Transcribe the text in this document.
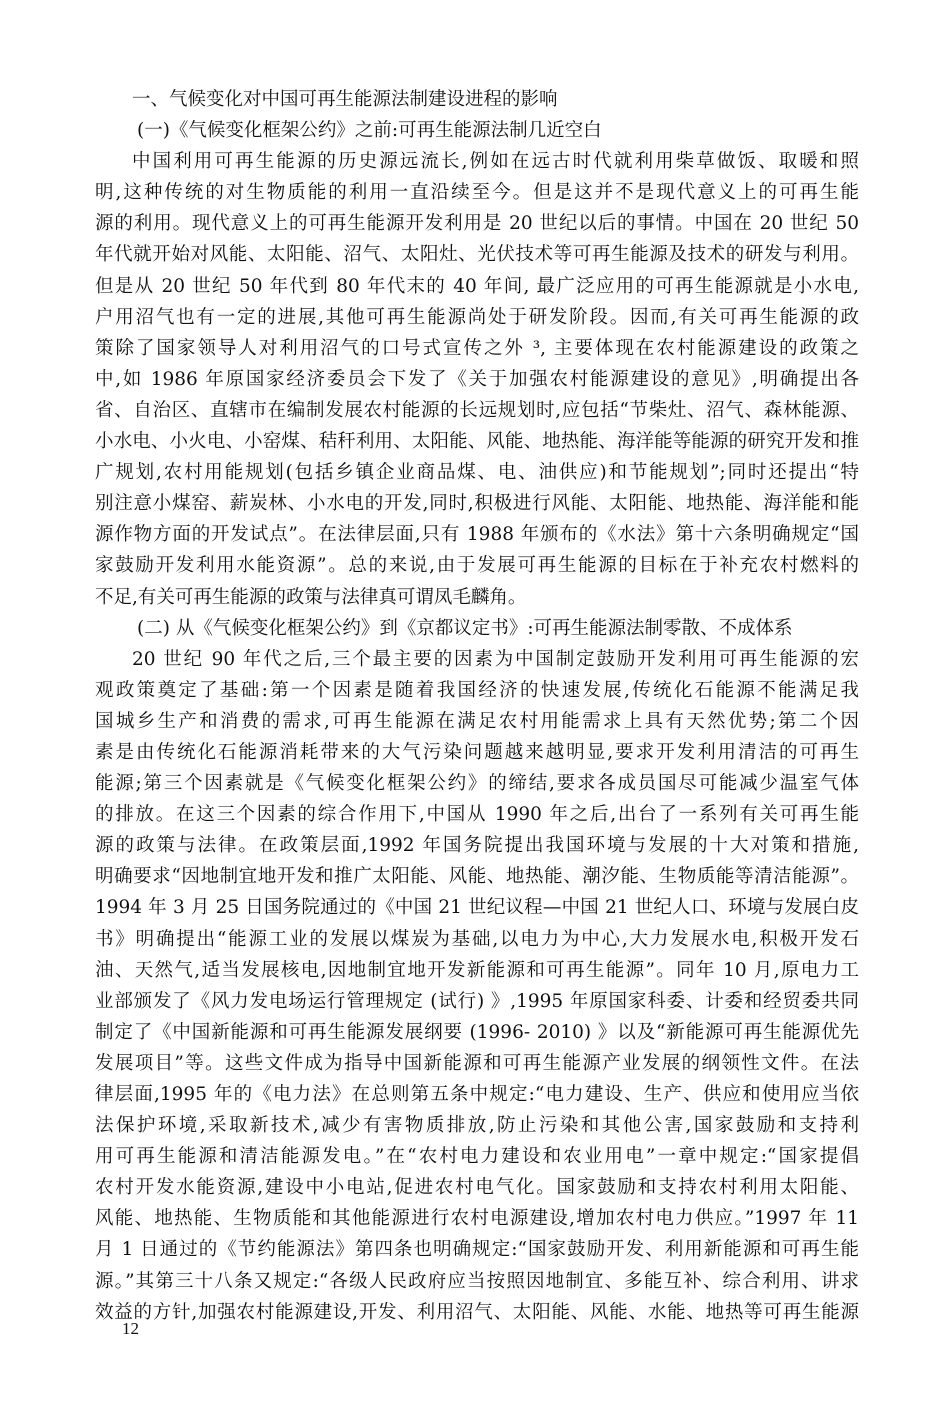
一、气候变化对中国可再生能源法制建设进程的影响
(一)《气候变化框架公约》之前:可再生能源法制几近空白
中国利用可再生能源的历史源远流长,例如在远古时代就利用柴草做饭、取暖和照
明,这种传统的对生物质能的利用一直沿续至今。但是这并不是现代意义上的可再生能
源的利用。现代意义上的可再生能源开发利用是 20 世纪以后的事情。中国在 20 世纪 50
年代就开始对风能、太阳能、沼气、太阳灶、光伏技术等可再生能源及技术的研发与利用。
但是从 20 世纪 50 年代到 80 年代末的 40 年间, 最广泛应用的可再生能源就是小水电,
户用沼气也有一定的进展,其他可再生能源尚处于研发阶段。因而,有关可再生能源的政
策除了国家领导人对利用沼气的口号式宣传之外 ³, 主要体现在农村能源建设的政策之
中,如 1986 年原国家经济委员会下发了《关于加强农村能源建设的意见》,明确提出各
省、自治区、直辖市在编制发展农村能源的长远规划时,应包括“节柴灶、沼气、森林能源、
小水电、小火电、小窑煤、秸秆利用、太阳能、风能、地热能、海洋能等能源的研究开发和推
广规划,农村用能规划(包括乡镇企业商品煤、电、油供应)和节能规划”;同时还提出“特
别注意小煤窑、薪炭林、小水电的开发,同时,积极进行风能、太阳能、地热能、海洋能和能
源作物方面的开发试点”。在法律层面,只有 1988 年颁布的《水法》第十六条明确规定“国
家鼓励开发利用水能资源”。总的来说,由于发展可再生能源的目标在于补充农村燃料的
不足,有关可再生能源的政策与法律真可谓凤毛麟角。
(二) 从《气候变化框架公约》到《京都议定书》:可再生能源法制零散、不成体系
20 世纪 90 年代之后,三个最主要的因素为中国制定鼓励开发利用可再生能源的宏
观政策奠定了基础:第一个因素是随着我国经济的快速发展,传统化石能源不能满足我
国城乡生产和消费的需求,可再生能源在满足农村用能需求上具有天然优势;第二个因
素是由传统化石能源消耗带来的大气污染问题越来越明显,要求开发利用清洁的可再生
能源;第三个因素就是《气候变化框架公约》的缔结,要求各成员国尽可能减少温室气体
的排放。在这三个因素的综合作用下,中国从 1990 年之后,出台了一系列有关可再生能
源的政策与法律。在政策层面,1992 年国务院提出我国环境与发展的十大对策和措施,
明确要求“因地制宜地开发和推广太阳能、风能、地热能、潮汐能、生物质能等清洁能源”。
1994 年 3 月 25 日国务院通过的《中国 21 世纪议程—中国 21 世纪人口、环境与发展白皮
书》明确提出“能源工业的发展以煤炭为基础,以电力为中心,大力发展水电,积极开发石
油、天然气,适当发展核电,因地制宜地开发新能源和可再生能源”。同年 10 月,原电力工
业部颁发了《风力发电场运行管理规定 (试行) 》,1995 年原国家科委、计委和经贸委共同
制定了《中国新能源和可再生能源发展纲要 (1996- 2010) 》以及“新能源可再生能源优先
发展项目”等。这些文件成为指导中国新能源和可再生能源产业发展的纲领性文件。在法
律层面,1995 年的《电力法》在总则第五条中规定:“电力建设、生产、供应和使用应当依
法保护环境,采取新技术,减少有害物质排放,防止污染和其他公害,国家鼓励和支持利
用可再生能源和清洁能源发电。”在“农村电力建设和农业用电”一章中规定:“国家提倡
农村开发水能资源,建设中小电站,促进农村电气化。国家鼓励和支持农村利用太阳能、
风能、地热能、生物质能和其他能源进行农村电源建设,增加农村电力供应。”1997 年 11
月 1 日通过的《节约能源法》第四条也明确规定:“国家鼓励开发、利用新能源和可再生能
源。”其第三十八条又规定:“各级人民政府应当按照因地制宜、多能互补、综合利用、讲求
效益的方针,加强农村能源建设,开发、利用沼气、太阳能、风能、水能、地热等可再生能源
12
